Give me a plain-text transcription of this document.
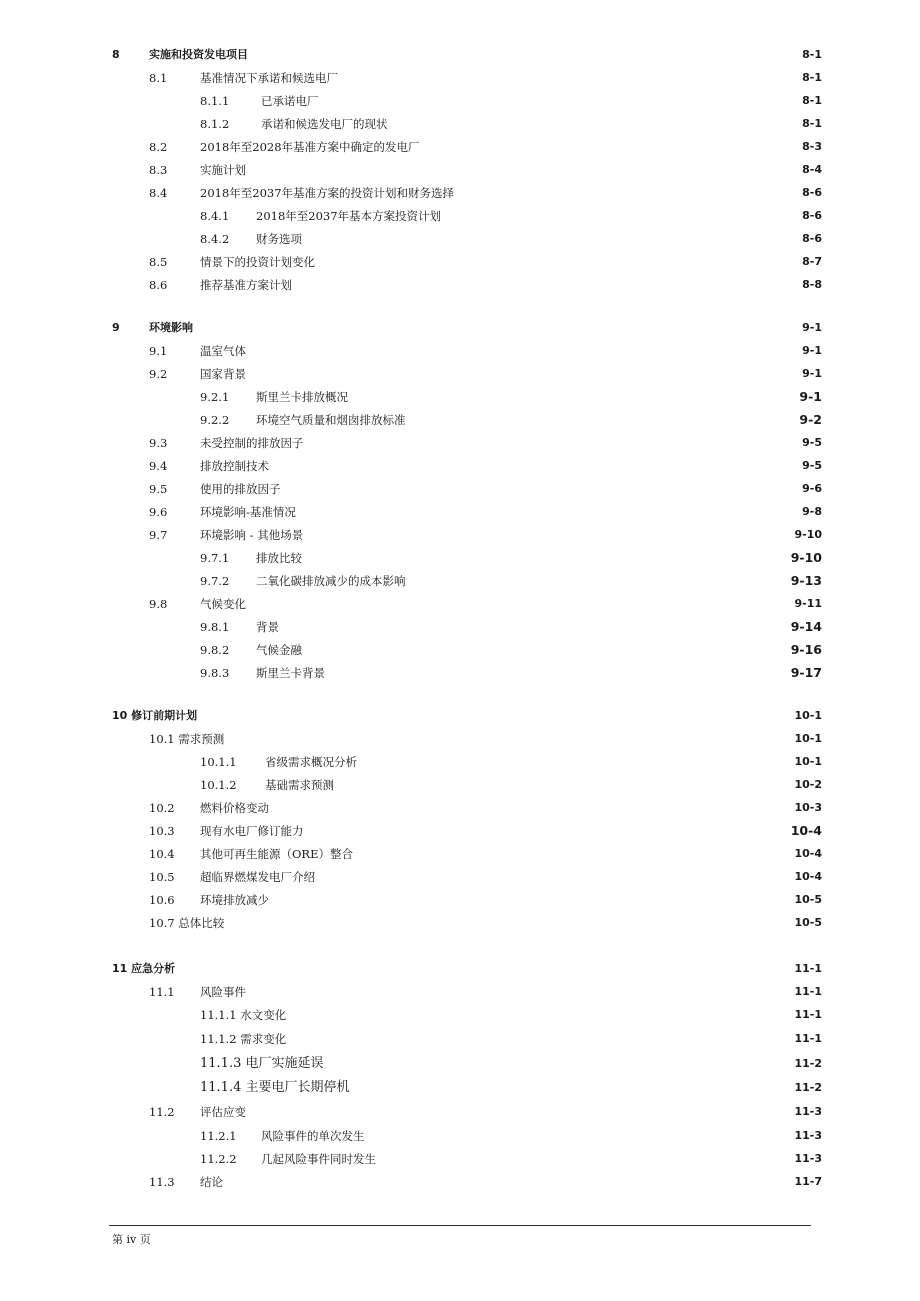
8	实施和投资发电项目	8-1
8.1	基准情况下承诺和候选电厂	8-1
8.1.1	已承诺电厂	8-1
8.1.2	承诺和候选发电厂的现状	8-1
8.2	2018年至2028年基准方案中确定的发电厂	8-3
8.3	实施计划	8-4
8.4	2018年至2037年基准方案的投资计划和财务选择	8-6
8.4.1 2018年至2037年基本方案投资计划	8-6
8.4.2 财务选项	8-6
8.5	情景下的投资计划变化	8-7
8.6	推荐基准方案计划	8-8
9	环境影响	9-1
9.1	温室气体	9-1
9.2	国家背景	9-1
9.2.1 斯里兰卡排放概况	9-1
9.2.2 环境空气质量和烟囱排放标准	9-2
9.3	未受控制的排放因子	9-5
9.4	排放控制技术	9-5
9.5	使用的排放因子	9-6
9.6	环境影响-基准情况	9-8
9.7	环境影响 - 其他场景	9-10
9.7.1 排放比较	9-10
9.7.2 二氧化碳排放减少的成本影响	9-13
9.8	气候变化	9-11
9.8.1 背景	9-14
9.8.2 气候金融	9-16
9.8.3 斯里兰卡背景	9-17
10 修订前期计划	10-1
10.1 需求预测	10-1
10.1.1 省级需求概况分析	10-1
10.1.2 基础需求预测	10-2
10.2 燃料价格变动	10-3
10.3 现有水电厂修订能力	10-4
10.4 其他可再生能源（ORE）整合	10-4
10.5 超临界燃煤发电厂介绍	10-4
10.6 环境排放减少	10-5
10.7 总体比较	10-5
11 应急分析	11-1
11.1 风险事件	11-1
11.1.1 水文变化	11-1
11.1.2 需求变化	11-1
11.1.3 电厂实施延误	11-2
11.1.4 主要电厂长期停机	11-2
11.2 评估应变	11-3
11.2.1 风险事件的单次发生	11-3
11.2.2 几起风险事件同时发生	11-3
11.3 结论	11-7
第 iv 页
